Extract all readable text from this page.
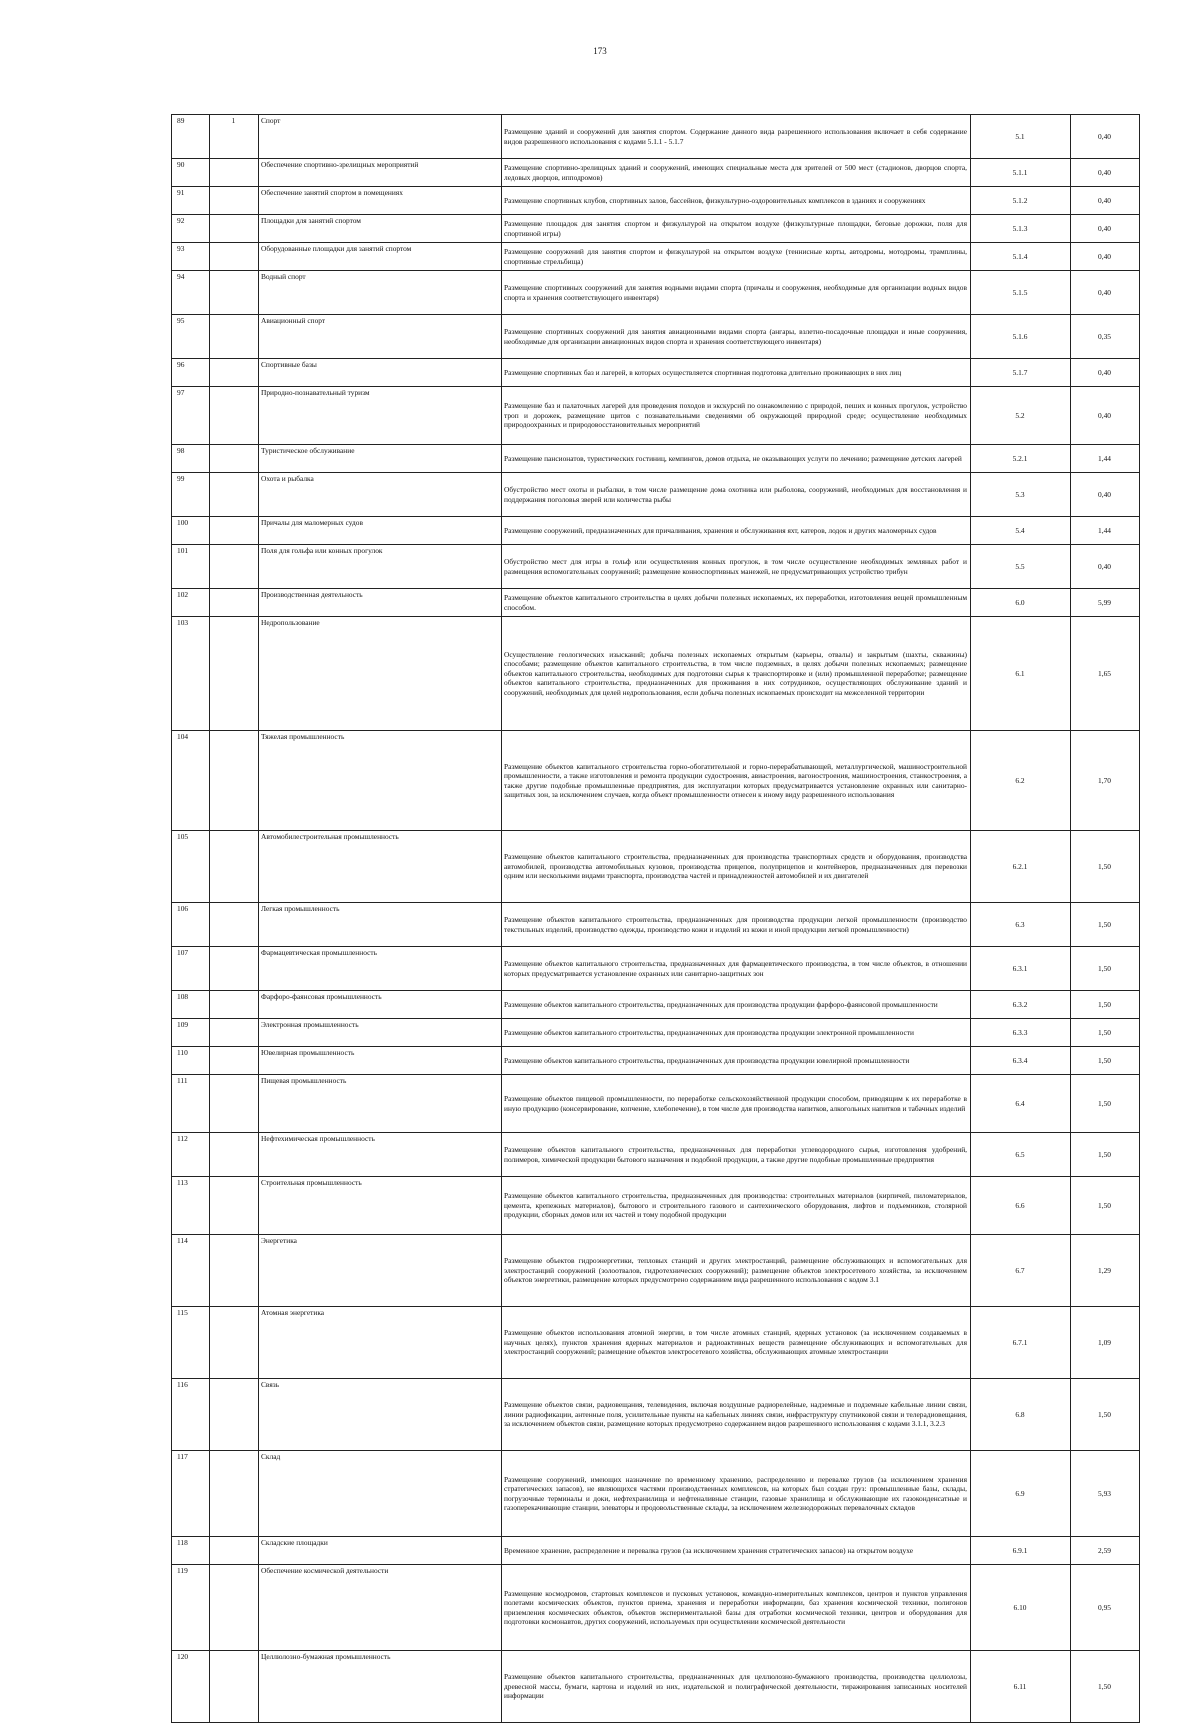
173
89	1	Спорт	Размещение зданий и сооружений для занятия спортом. Содержание данного вида разрешенного использования включает в себя содержание видов разрешенного использования с кодами 5.1.1 - 5.1.7	5.1	0,40
90		Обеспечение спортивно-зрелищных мероприятий	Размещение спортивно-зрелищных зданий и сооружений, имеющих специальные места для зрителей от 500 мест (стадионов, дворцов спорта, ледовых дворцов, ипподромов)	5.1.1	0,40
91		Обеспечение занятий спортом в помещениях	Размещение спортивных клубов, спортивных залов, бассейнов, физкультурно-оздоровительных комплексов в зданиях и сооружениях	5.1.2	0,40
92		Площадки для занятий спортом	Размещение площадок для занятия спортом и физкультурой на открытом воздухе (физкультурные площадки, беговые дорожки, поля для спортивной игры)	5.1.3	0,40
93		Оборудованные площадки для занятий спортом	Размещение сооружений для занятия спортом и физкультурой на открытом воздухе (теннисные корты, автодромы, мотодромы, трамплины, спортивные стрельбища)	5.1.4	0,40
94		Водный спорт	Размещение спортивных сооружений для занятия водными видами спорта (причалы и сооружения, необходимые для организации водных видов спорта и хранения соответствующего инвентаря)	5.1.5	0,40
95		Авиационный спорт	Размещение спортивных сооружений для занятия авиационными видами спорта (ангары, взлетно-посадочные площадки и иные сооружения, необходимые для организации авиационных видов спорта и хранения соответствующего инвентаря)	5.1.6	0,35
96		Спортивные базы	Размещение спортивных баз и лагерей, в которых осуществляется спортивная подготовка длительно проживающих в них лиц	5.1.7	0,40
97		Природно-познавательный туризм	Размещение баз и палаточных лагерей для проведения походов и экскурсий по ознакомлению с природой, пеших и конных прогулок, устройство троп и дорожек, размещение щитов с познавательными сведениями об окружающей природной среде; осуществление необходимых природоохранных и природовосстановительных мероприятий	5.2	0,40
98		Туристическое обслуживание	Размещение пансионатов, туристических гостиниц, кемпингов, домов отдыха, не оказывающих услуги по лечению; размещение детских лагерей	5.2.1	1,44
99		Охота и рыбалка	Обустройство мест охоты и рыбалки, в том числе размещение дома охотника или рыболова, сооружений, необходимых для восстановления и поддержания поголовья зверей или количества рыбы	5.3	0,40
100		Причалы для маломерных судов	Размещение сооружений, предназначенных для причаливания, хранения и обслуживания яхт, катеров, лодок и других маломерных судов	5.4	1,44
101		Поля для гольфа или конных прогулок	Обустройство мест для игры в гольф или осуществления конных прогулок, в том числе осуществление необходимых земляных работ и размещения вспомогательных сооружений; размещение конноспортивных манежей, не предусматривающих устройство трибун	5.5	0,40
102		Производственная деятельность	Размещение объектов капитального строительства в целях добычи полезных ископаемых, их переработки, изготовления вещей промышленным способом.	6.0	5,99
103		Недропользование	Осуществление геологических изысканий; добыча полезных ископаемых открытым (карьеры, отвалы) и закрытым (шахты, скважины) способами; размещение объектов капитального строительства, в том числе подземных, в целях добычи полезных ископаемых; размещение объектов капитального строительства, необходимых для подготовки сырья к транспортировке и (или) промышленной переработке; размещение объектов капитального строительства, предназначенных для проживания в них сотрудников, осуществляющих обслуживание зданий и сооружений, необходимых для целей недропользования, если добыча полезных ископаемых происходит на межселенной территории	6.1	1,65
104		Тяжелая промышленность	Размещение объектов капитального строительства горно-обогатительной и горно-перерабатывающей, металлургической, машиностроительной промышленности, а также изготовления и ремонта продукции судостроения, авиастроения, вагоностроения, машиностроения, станкостроения, а также другие подобные промышленные предприятия, для эксплуатации которых предусматривается установление охранных или санитарно-защитных зон, за исключением случаев, когда объект промышленности отнесен к иному виду разрешенного использования	6.2	1,70
105		Автомобилестроительная промышленность	Размещение объектов капитального строительства, предназначенных для производства транспортных средств и оборудования, производства автомобилей, производства автомобильных кузовов, производства прицепов, полуприцепов и контейнеров, предназначенных для перевозки одним или несколькими видами транспорта, производства частей и принадлежностей автомобилей и их двигателей	6.2.1	1,50
106		Легкая промышленность	Размещение объектов капитального строительства, предназначенных для производства продукции легкой промышленности (производство текстильных изделий, производство одежды, производство кожи и изделий из кожи и иной продукции легкой промышленности)	6.3	1,50
107		Фармацевтическая промышленность	Размещение объектов капитального строительства, предназначенных для фармацевтического производства, в том числе объектов, в отношении которых предусматривается установление охранных или санитарно-защитных зон	6.3.1	1,50
108		Фарфоро-фаянсовая промышленность	Размещение объектов капитального строительства, предназначенных для производства продукции фарфоро-фаянсовой промышленности	6.3.2	1,50
109		Электронная промышленность	Размещение объектов капитального строительства, предназначенных для производства продукции электронной промышленности	6.3.3	1,50
110		Ювелирная промышленность	Размещение объектов капитального строительства, предназначенных для производства продукции ювелирной промышленности	6.3.4	1,50
111		Пищевая промышленность	Размещение объектов пищевой промышленности, по переработке сельскохозяйственной продукции способом, приводящим к их переработке в иную продукцию (консервирование, копчение, хлебопечение), в том числе для производства напитков, алкогольных напитков и табачных изделий	6.4	1,50
112		Нефтехимическая промышленность	Размещение объектов капитального строительства, предназначенных для переработки углеводородного сырья, изготовления удобрений, полимеров, химической продукции бытового назначения и подобной продукции, а также другие подобные промышленные предприятия	6.5	1,50
113		Строительная промышленность	Размещение объектов капитального строительства, предназначенных для производства: строительных материалов (кирпичей, пиломатериалов, цемента, крепежных материалов), бытового и строительного газового и сантехнического оборудования, лифтов и подъемников, столярной продукции, сборных домов или их частей и тому подобной продукции	6.6	1,50
114		Энергетика	Размещение объектов гидроэнергетики, тепловых станций и других электростанций, размещение обслуживающих и вспомогательных для электростанций сооружений (золоотвалов, гидротехнических сооружений); размещение объектов электросетевого хозяйства, за исключением объектов энергетики, размещение которых предусмотрено содержанием вида разрешенного использования с кодом 3.1	6.7	1,29
115		Атомная энергетика	Размещение объектов использования атомной энергии, в том числе атомных станций, ядерных установок (за исключением создаваемых в научных целях), пунктов хранения ядерных материалов и радиоактивных веществ размещение обслуживающих и вспомогательных для электростанций сооружений; размещение объектов электросетевого хозяйства, обслуживающих атомные электростанции	6.7.1	1,09
116		Связь	Размещение объектов связи, радиовещания, телевидения, включая воздушные радиорелейные, надземные и подземные кабельные линии связи, линии радиофикации, антенные поля, усилительные пункты на кабельных линиях связи, инфраструктуру спутниковой связи и телерадиовещания, за исключением объектов связи, размещение которых предусмотрено содержанием видов разрешенного использования с кодами 3.1.1, 3.2.3	6.8	1,50
117		Склад	Размещение сооружений, имеющих назначение по временному хранению, распределению и перевалке грузов (за исключением хранения стратегических запасов), не являющихся частями производственных комплексов, на которых был создан груз: промышленные базы, склады, погрузочные терминалы и доки, нефтехранилища и нефтеналивные станции, газовые хранилища и обслуживающие их газоконденсатные и газоперекачивающие станции, элеваторы и продовольственные склады, за исключением железнодорожных перевалочных складов	6.9	5,93
118		Складские площадки	Временное хранение, распределение и перевалка грузов (за исключением хранения стратегических запасов) на открытом воздухе	6.9.1	2,59
119		Обеспечение космической деятельности	Размещение космодромов, стартовых комплексов и пусковых установок, командно-измерительных комплексов, центров и пунктов управления полетами космических объектов, пунктов приема, хранения и переработки информации, баз хранения космической техники, полигонов приземления космических объектов, объектов экспериментальной базы для отработки космической техники, центров и оборудования для подготовки космонавтов, других сооружений, используемых при осуществлении космической деятельности	6.10	0,95
120		Целлюлозно-бумажная промышленность	Размещение объектов капитального строительства, предназначенных для целлюлозно-бумажного производства, производства целлюлозы, древесной массы, бумаги, картона и изделий из них, издательской и полиграфической деятельности, тиражирования записанных носителей информации	6.11	1,50
